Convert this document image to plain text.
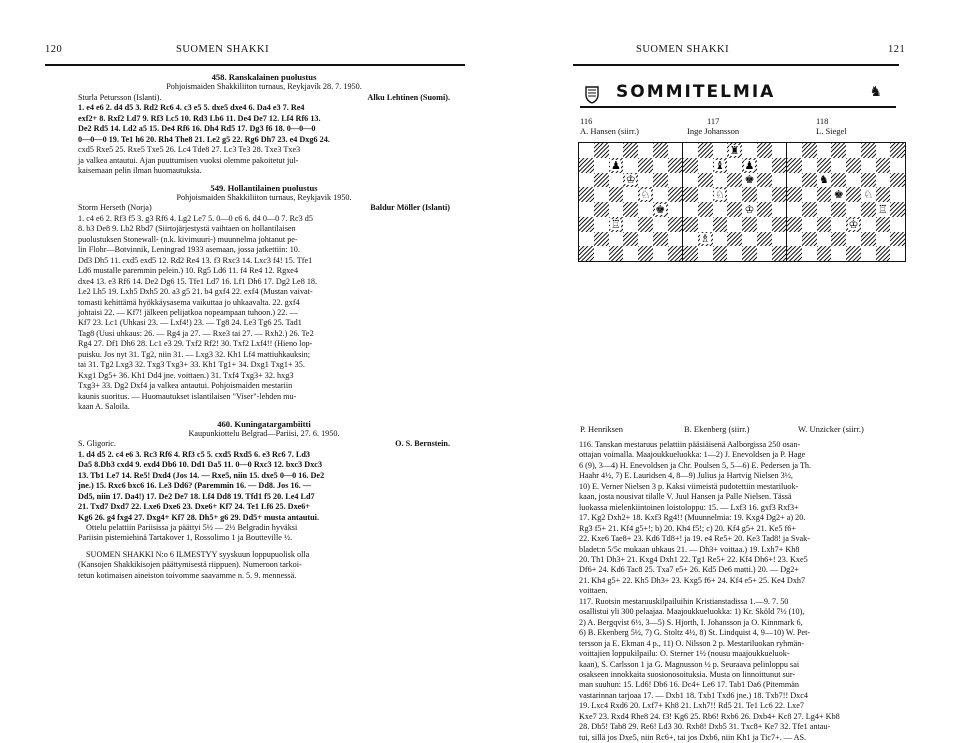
120	SUOMEN SHAKKI	SUOMEN SHAKKI	121

458. Ranskalainen puolustus

Pohjoismaiden Shakkiliiton turnaus, Reykjavík 28. 7. 1950.

Sturla Petursson (Islanti).	Alku Lehtinen (Suomi).

1. e4 e6 2. d4 d5 3. Rd2 Rc6 4. c3 e5 5. dxe5 dxe4 6. Da4 e3 7. Re4

exf2+ 8. Rxf2 Ld7 9. Rf3 Lc5 10. Rd3 Lb6 11. De4 De7 12. Lf4 Rf6 13.

De2 Rd5 14. Ld2 a5 15. De4 Rf6 16. Dh4 Rd5 17. Dg3 f6 18. 0—0—0

0—0—0 19. Te1 h6 20. Rh4 The8 21. Le2 g5 22. Rg6 Dh7 23. e4 Dxg6 24.

cxd5 Rxe5 25. Rxe5 Txe5 26. Lc4 Tde8 27. Lc3 Te3 28. Txe3 Txe3

ja valkea antautui. Ajan puuttumisen vuoksi olemme pakoitetut jul-

kaisemaan pelin ilman huomautuksia.

549. Hollantilainen puolustus

Pohjoismaiden Shakkiliiton turnaus, Reykjavik 1950.

Storm Herseth (Norja)	Baldur Möller (Islanti)

1. c4 e6 2. Rf3 f5 3. g3 Rf6 4. Lg2 Le7 5. 0—0 c6 6. d4 0—0 7. Rc3 d5

8. b3 De8 9. Lb2 Rbd7 (Siirtojärjestystä vaihtaen on hollantilaisen

puolustuksen Stonewall- (n.k. kivimuuri-) muunnelma johtanut pe-

lin Flohr—Botvinnik, Leningrad 1933 asemaan, jossa jatkettiin: 10.

Dd3 Dh5 11. cxd5 exd5 12. Rd2 Re4 13. f3 Rxc3 14. Lxc3 f4! 15. Tfe1

Ld6 mustalle paremmin pelein.) 10. Rg5 Ld6 11. f4 Re4 12. Rgxe4

dxe4 13. e3 Rf6 14. De2 Dg6 15. Tfe1 Ld7 16. Lf1 Dh6 17. Dg2 Le8 18.

Le2 Lh5 19. Lxh5 Dxh5 20. a3 g5 21. b4 gxf4 22. exf4 (Mustan vaivat-

tomasti kehittämä hyökkäysasema vaikuttaa jo uhkaavalta. 22. gxf4

johtaisi 22. — Kf7! jälkeen pelijatkoa nopeampaan tuhoon.) 22. —

Kf7 23. Lc1 (Uhkasi 23. — Lxf4!) 23. — Tg8 24. Le3 Tg6 25. Tad1

Tag8 (Uusi uhkaus: 26. — Rg4 ja 27. — Rxe3 tai 27. — Rxh2.) 26. Te2

Rg4 27. Df1 Dh6 28. Lc1 e3 29. Txf2 Rf2! 30. Txf2 Lxf4!! (Hieno lop-

puisku. Jos nyt 31. Tg2, niin 31. — Lxg3 32. Kh1 Lf4 mattiuhkauksin;

tai 31. Tg2 Lxg3 32. Txg3 Txg3+ 33. Kh1 Tg1+ 34. Dxg1 Txg1+ 35.

Kxg1 Dg5+ 36. Kh1 Dd4 jne. voittaen.) 31. Txf4 Txg3+ 32. hxg3

Txg3+ 33. Dg2 Dxf4 ja valkea antautui. Pohjoismaiden mestariin

kaunis suoritus. — Huomautukset islantilaisen "Viser"-lehden mu-

kaan A. Saloila.

460. Kuningatargambiitti

Kaupunkiottelu Belgrad—Pariisi, 27. 6. 1950.

S. Gligoric.	O. S. Bernstein.

1. d4 d5 2. c4 e6 3. Rc3 Rf6 4. Rf3 c5 5. cxd5 Rxd5 6. e3 Rc6 7. Ld3

Da5 8.Db3 cxd4 9. exd4 Db6 10. Dd1 Da5 11. 0—0 Rxc3 12. bxc3 Dxc3

13. Tb1 Le7 14. Re5! Dxd4 (Jos 14. — Rxe5, niin 15. dxe5 0—0 16. De2

jne.) 15. Rxc6 bxc6 16. Le3 Dd6? (Paremmin 16. — Dd8. Jos 16. —

Dd5, niin 17. Da4!) 17. De2 De7 18. Lf4 Dd8 19. Tfd1 f5 20. Le4 Ld7

21. Txd7 Dxd7 22. Lxe6 Dxe6 23. Dxe6+ Kf7 24. Te1 Lf6 25. Dxe6+

Kg6 26. g4 fxg4 27. Dxg4+ Kf7 28. Dh5+ g6 29. Dd5+ musta antautui.

Ottelu pelattiin Pariisissa ja päättyi 5½ — 2½ Belgradin hyväksi

Pariisin pistemiehinä Tartakover 1, Rossolimo 1 ja Boutteville ½.

SUOMEN SHAKKI N:o 6 ILMESTYY syyskuun loppupuolisk olla

(Kansojen Shakkikisojen päättymisestä riippuen). Numeroon tarkoi-

tetun kotimaisen aineiston toivomme saavamme n. 5. 9. mennessä.

SOMMITELMIA	♞
116
A. Hansen (siirr.)
117
Inge Johansson
118
L. Siegel
♟
♔
♘
♚
♖
♜
♝ ♟
♚
♘
♔
♗
♞
♚ ♘
♖
♔
P. Henriksen	B. Ekenberg (siirr.)	W. Unzicker (siirr.)

116. Tanskan mestaruus pelattiin pääsiäisenä Aalborgissa 250 osan-

ottajan voimalla. Maajoukkueluokka: 1—2) J. Enevoldsen ja P. Hage

6 (9), 3—4) H. Enevoldsen ja Chr. Poulsen 5, 5—6) E. Pedersen ja Th.

Haahr 4½, 7) E. Lauridsen 4, 8—9) Julius ja Hartvig Nielsen 3½,

10) E. Verner Nielsen 3 p. Kaksi viimeistä pudotettiin mestariluok-

kaan, josta nousivat tilalle V. Juul Hansen ja Palle Nielsen. Tässä

luokassa mielenkiintoinen loistoloppu: 15. — Lxf3 16. gxf3 Rxf3+

17. Kg2 Dxh2+ 18. Kxf3 Rg4!! (Muunnelmia: 19. Kxg4 Dg2+ a) 20.

Rg3 f5+ 21. Kf4 g5+!; b) 20. Kh4 f5!; c) 20. Kf4 g5+ 21. Ke5 f6+

22. Kxe6 Tae8+ 23. Kd6 Td8+! ja 19. e4 Re5+ 20. Ke3 Tad8! ja Svak-

bladet:n 5/5c mukaan uhkaus 21. — Dh3+ voittaa.) 19. Lxh7+ Kh8

20. Th1 Dh3+ 21. Kxg4 Dxh1 22. Tg1 Re5+ 22. Kf4 Dh6+! 23. Kxe5

Df6+ 24. Kd6 Tac8 25. Txa7 e5+ 26. Kd5 De6 matti.) 20. — Dg2+

21. Kh4 g5+ 22. Kh5 Dh3+ 23. Kxg5 f6+ 24. Kf4 e5+ 25. Ke4 Dxh7

voittaen.

117. Ruotsin mestaruuskilpailuihin Kristianstadissa 1.—9. 7. 50

osallistui yli 300 pelaajaa. Maajoukkueluokka: 1) Kr. Sköld 7½ (10),

2) A. Bergqvist 6½, 3—5) S. Hjorth, I. Johansson ja O. Kinnmark 6,

6) B. Ekenberg 5½, 7) G. Stoltz 4½, 8) St. Lindquist 4, 9—10) W. Pet-

tersson ja E. Ekman 4 p., 11) O. Nilsson 2 p. Mestariluokan ryhmän-

voittajien loppukilpailu: O. Sterner 1½ (nousu maajoukkueluok-

kaan), S. Carlsson 1 ja G. Magnusson ½ p. Seuraava pelinloppu sai

osakseen innokkaita suosionosoituksia. Musta on linnoittunut sur-

man suuhun: 15. Ld6! Db6 16. Dc4+ Le6 17. Tab1 Da6 (Pitemmän

vastarinnan tarjoaa 17. — Dxb1 18. Txb1 Txd6 jne.) 18. Txb7!! Dxc4

19. Lxc4 Rxd6 20. Lxf7+ Kh8 21. Lxh7!! Rd5 21. Te1 Lc6 22. Lxe7

Kxe7 23. Rxd4 Rhe8 24. f3! Kg6 25. Rb6! Rxb6 26. Dxb4+ Kc8 27. Lg4+ Kb8

28. Db5! Tab8 29. Re6! Ld3 30. Rxb8! Dxb5 31. Txc8+ Ke7 32. Tfe1 antau-

tui, sillä jos Dxe5, niin Rc6+, tai jos Dxb6, niin Kh1 ja Tic7+. — AS.
